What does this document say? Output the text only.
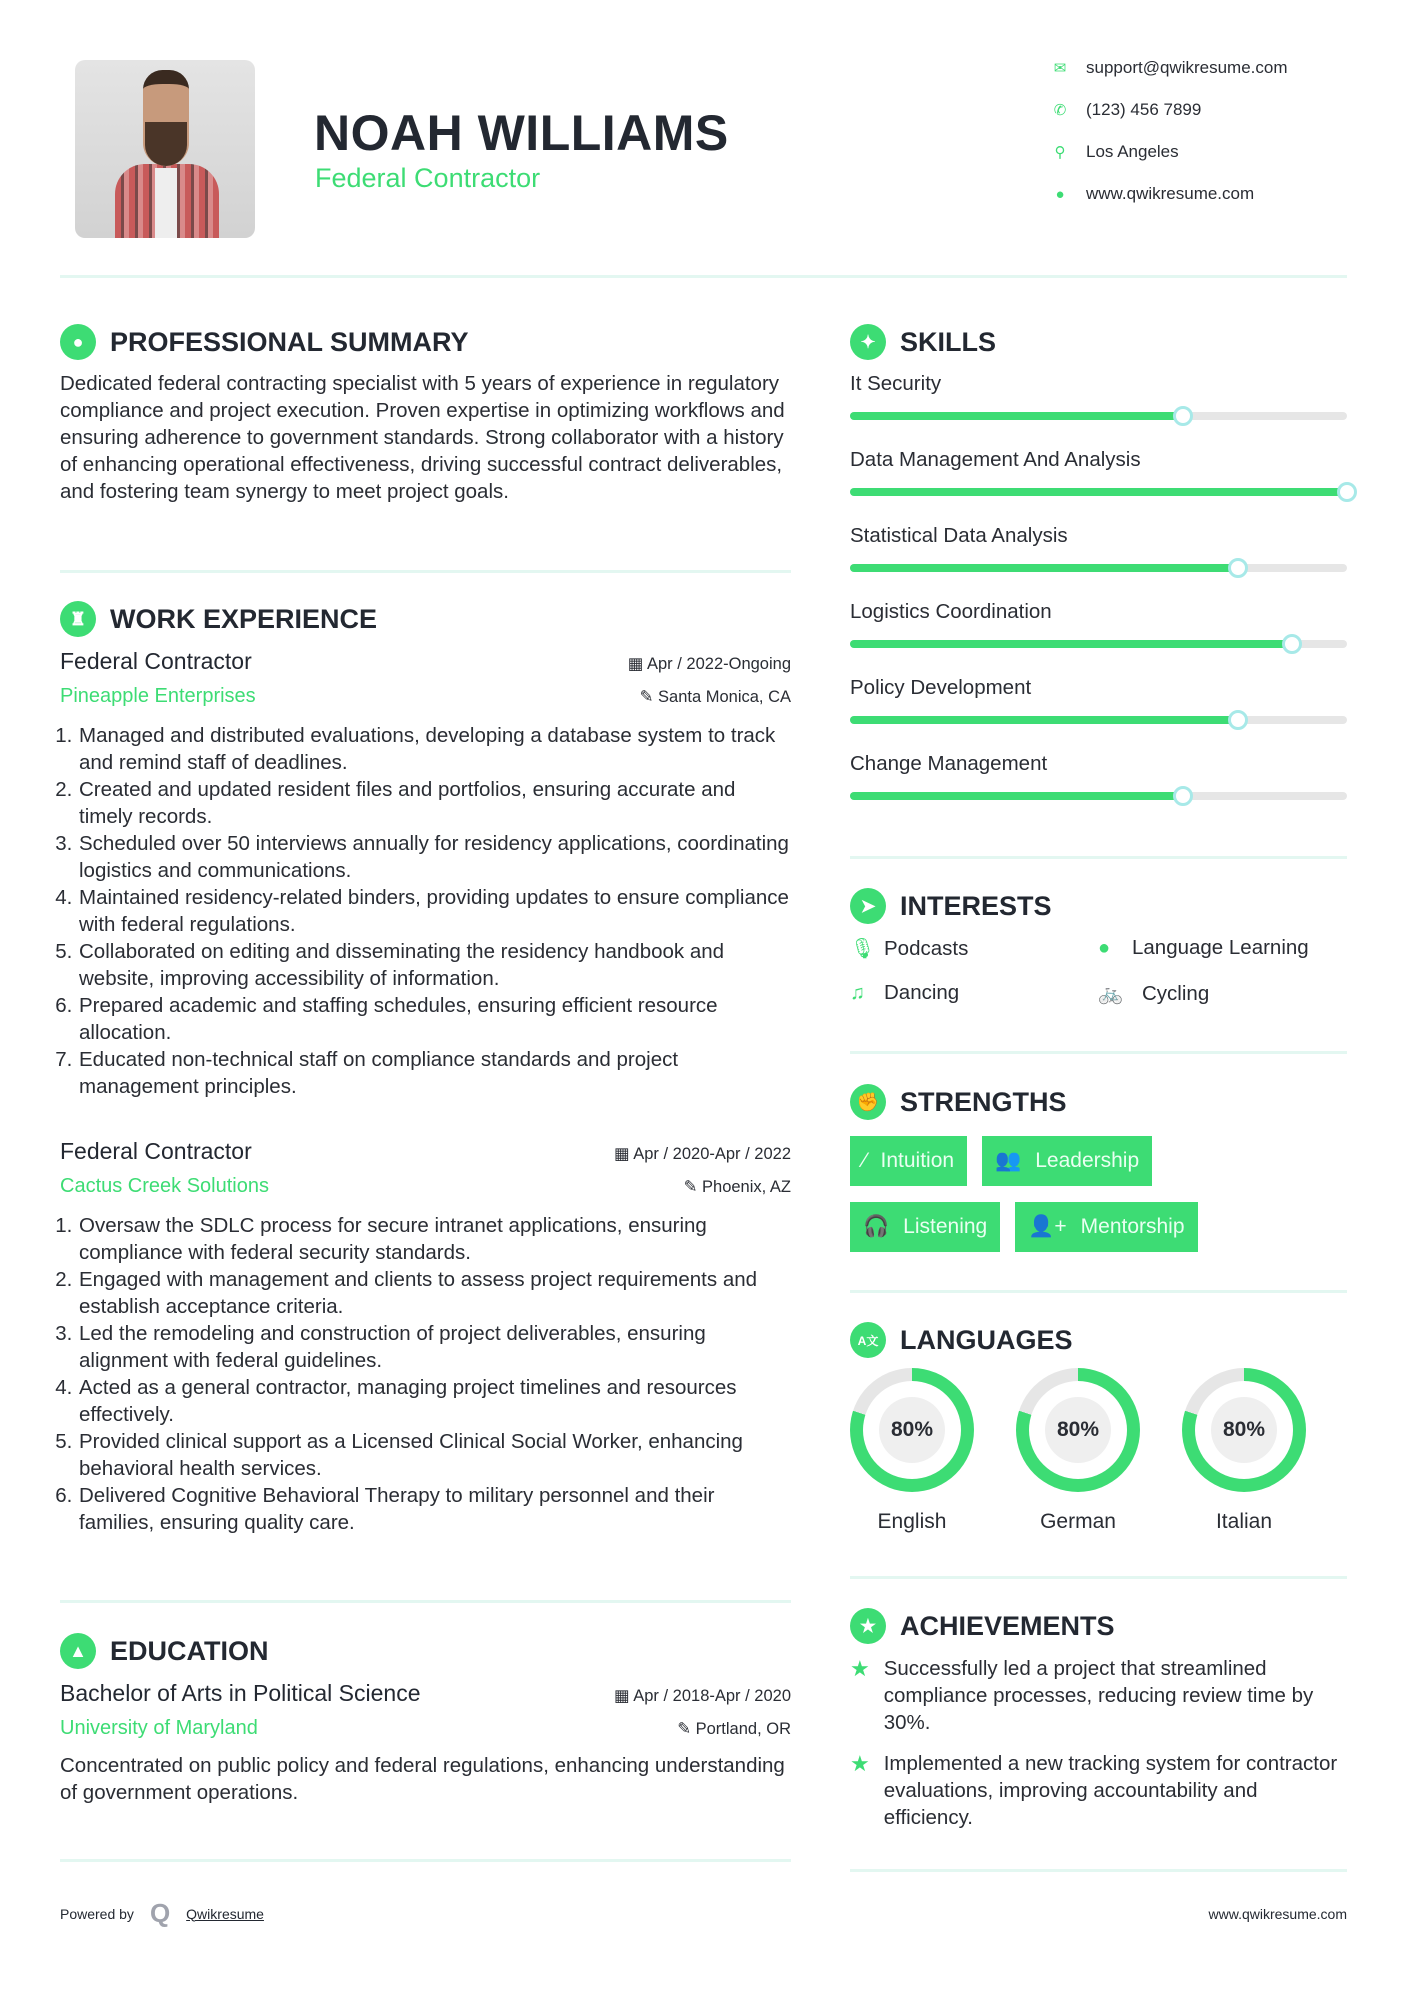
NOAH WILLIAMS
Federal Contractor
✉ support@qwikresume.com
✆ (123) 456 7899
⚲ Los Angeles
● www.qwikresume.com
● PROFESSIONAL SUMMARY
Dedicated federal contracting specialist with 5 years of experience in regulatory compliance and project execution. Proven expertise in optimizing workflows and ensuring adherence to government standards. Strong collaborator with a history of enhancing operational effectiveness, driving successful contract deliverables, and fostering team synergy to meet project goals.
♜ WORK EXPERIENCE
Federal Contractor	▦ Apr / 2022-Ongoing
Pineapple Enterprises	✎ Santa Monica, CA
1. Managed and distributed evaluations, developing a database system to track and remind staff of deadlines.
2. Created and updated resident files and portfolios, ensuring accurate and timely records.
3. Scheduled over 50 interviews annually for residency applications, coordinating logistics and communications.
4. Maintained residency-related binders, providing updates to ensure compliance with federal regulations.
5. Collaborated on editing and disseminating the residency handbook and website, improving accessibility of information.
6. Prepared academic and staffing schedules, ensuring efficient resource allocation.
7. Educated non-technical staff on compliance standards and project management principles.
Federal Contractor	▦ Apr / 2020-Apr / 2022
Cactus Creek Solutions	✎ Phoenix, AZ
1. Oversaw the SDLC process for secure intranet applications, ensuring compliance with federal security standards.
2. Engaged with management and clients to assess project requirements and establish acceptance criteria.
3. Led the remodeling and construction of project deliverables, ensuring alignment with federal guidelines.
4. Acted as a general contractor, managing project timelines and resources effectively.
5. Provided clinical support as a Licensed Clinical Social Worker, enhancing behavioral health services.
6. Delivered Cognitive Behavioral Therapy to military personnel and their families, ensuring quality care.
▲ EDUCATION
Bachelor of Arts in Political Science	▦ Apr / 2018-Apr / 2020
University of Maryland	✎ Portland, OR
Concentrated on public policy and federal regulations, enhancing understanding of government operations.
✦ SKILLS
It Security
Data Management And Analysis
Statistical Data Analysis
Logistics Coordination
Policy Development
Change Management
➤ INTERESTS
🎙 Podcasts	●	Language Learning
♫ Dancing	🚲 Cycling
✊ STRENGTHS
⁄ Intuition 👥 Leadership
🎧 Listening 👤+ Mentorship
A文 LANGUAGES
80%
English
80%
German
80%
Italian
★ ACHIEVEMENTS
★ Successfully led a project that streamlined compliance processes, reducing review time by 30%.
★ Implemented a new tracking system for contractor evaluations, improving accountability and efficiency.
Powered by Q Qwikresume	www.qwikresume.com
